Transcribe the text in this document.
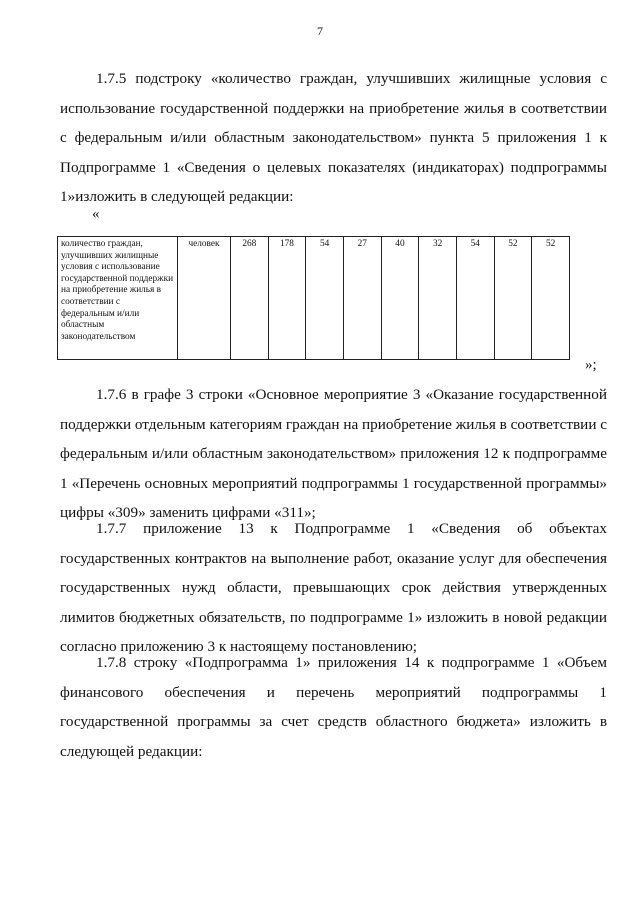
7

1.7.5 подстроку «количество граждан, улучшивших жилищные условия с использование государственной поддержки на приобретение жилья в соответствии с федеральным и/или областным законодательством» пункта 5 приложения 1 к Подпрограмме 1 «Сведения о целевых показателях (индикаторах) подпрограммы 1»изложить в следующей редакции:

«
количество граждан, улучшивших жилищные условия с использование государственной поддержки на приобретение жилья в соответствии с федеральным и/или областным законодательством	человек	268	178	54	27	40	32	54	52	52
»;

1.7.6 в графе 3 строки «Основное мероприятие 3 «Оказание государственной поддержки отдельным категориям граждан на приобретение жилья в соответствии с федеральным и/или областным законодательством» приложения 12 к подпрограмме 1 «Перечень основных мероприятий подпрограммы 1 государственной программы» цифры «309» заменить цифрами «311»;

1.7.7 приложение 13 к Подпрограмме 1 «Сведения об объектах государственных контрактов на выполнение работ, оказание услуг для обеспечения государственных нужд области, превышающих срок действия утвержденных лимитов бюджетных обязательств, по подпрограмме 1» изложить в новой редакции согласно приложению 3 к настоящему постановлению;

1.7.8 строку «Подпрограмма 1» приложения 14 к подпрограмме 1 «Объем финансового обеспечения и перечень мероприятий подпрограммы 1 государственной программы за счет средств областного бюджета» изложить в следующей редакции:
